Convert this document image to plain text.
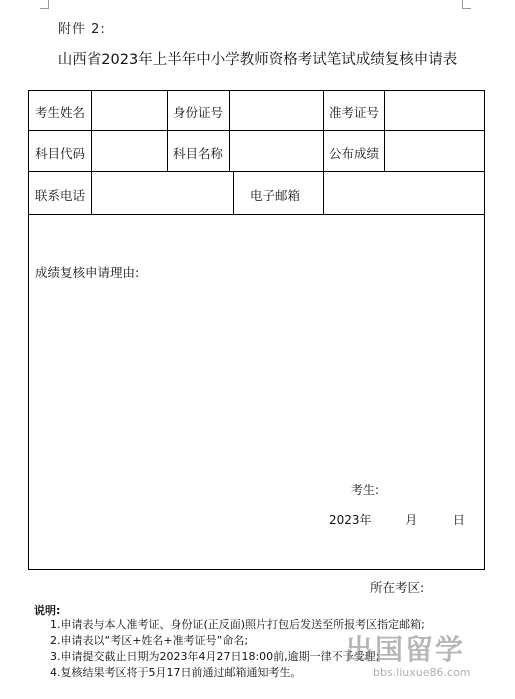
附件 2:
山西省2023年上半年中小学教师资格考试笔试成绩复核申请表
考生姓名	身份证号	准考证号
科目代码	科目名称	公布成绩
联系电话	电子邮箱
成绩复核申请理由:
考生:
2023年	月	日
所在考区:
说明:
1.申请表与本人准考证、身份证(正反面)照片打包后发送至所报考区指定邮箱;
2.申请表以“考区+姓名+准考证号”命名;
3.申请提交截止日期为2023年4月27日18:00前,逾期一律不予受理;
4.复核结果考区将于5月17日前通过邮箱通知考生。
出国留学
bbs.liuxue86.com
